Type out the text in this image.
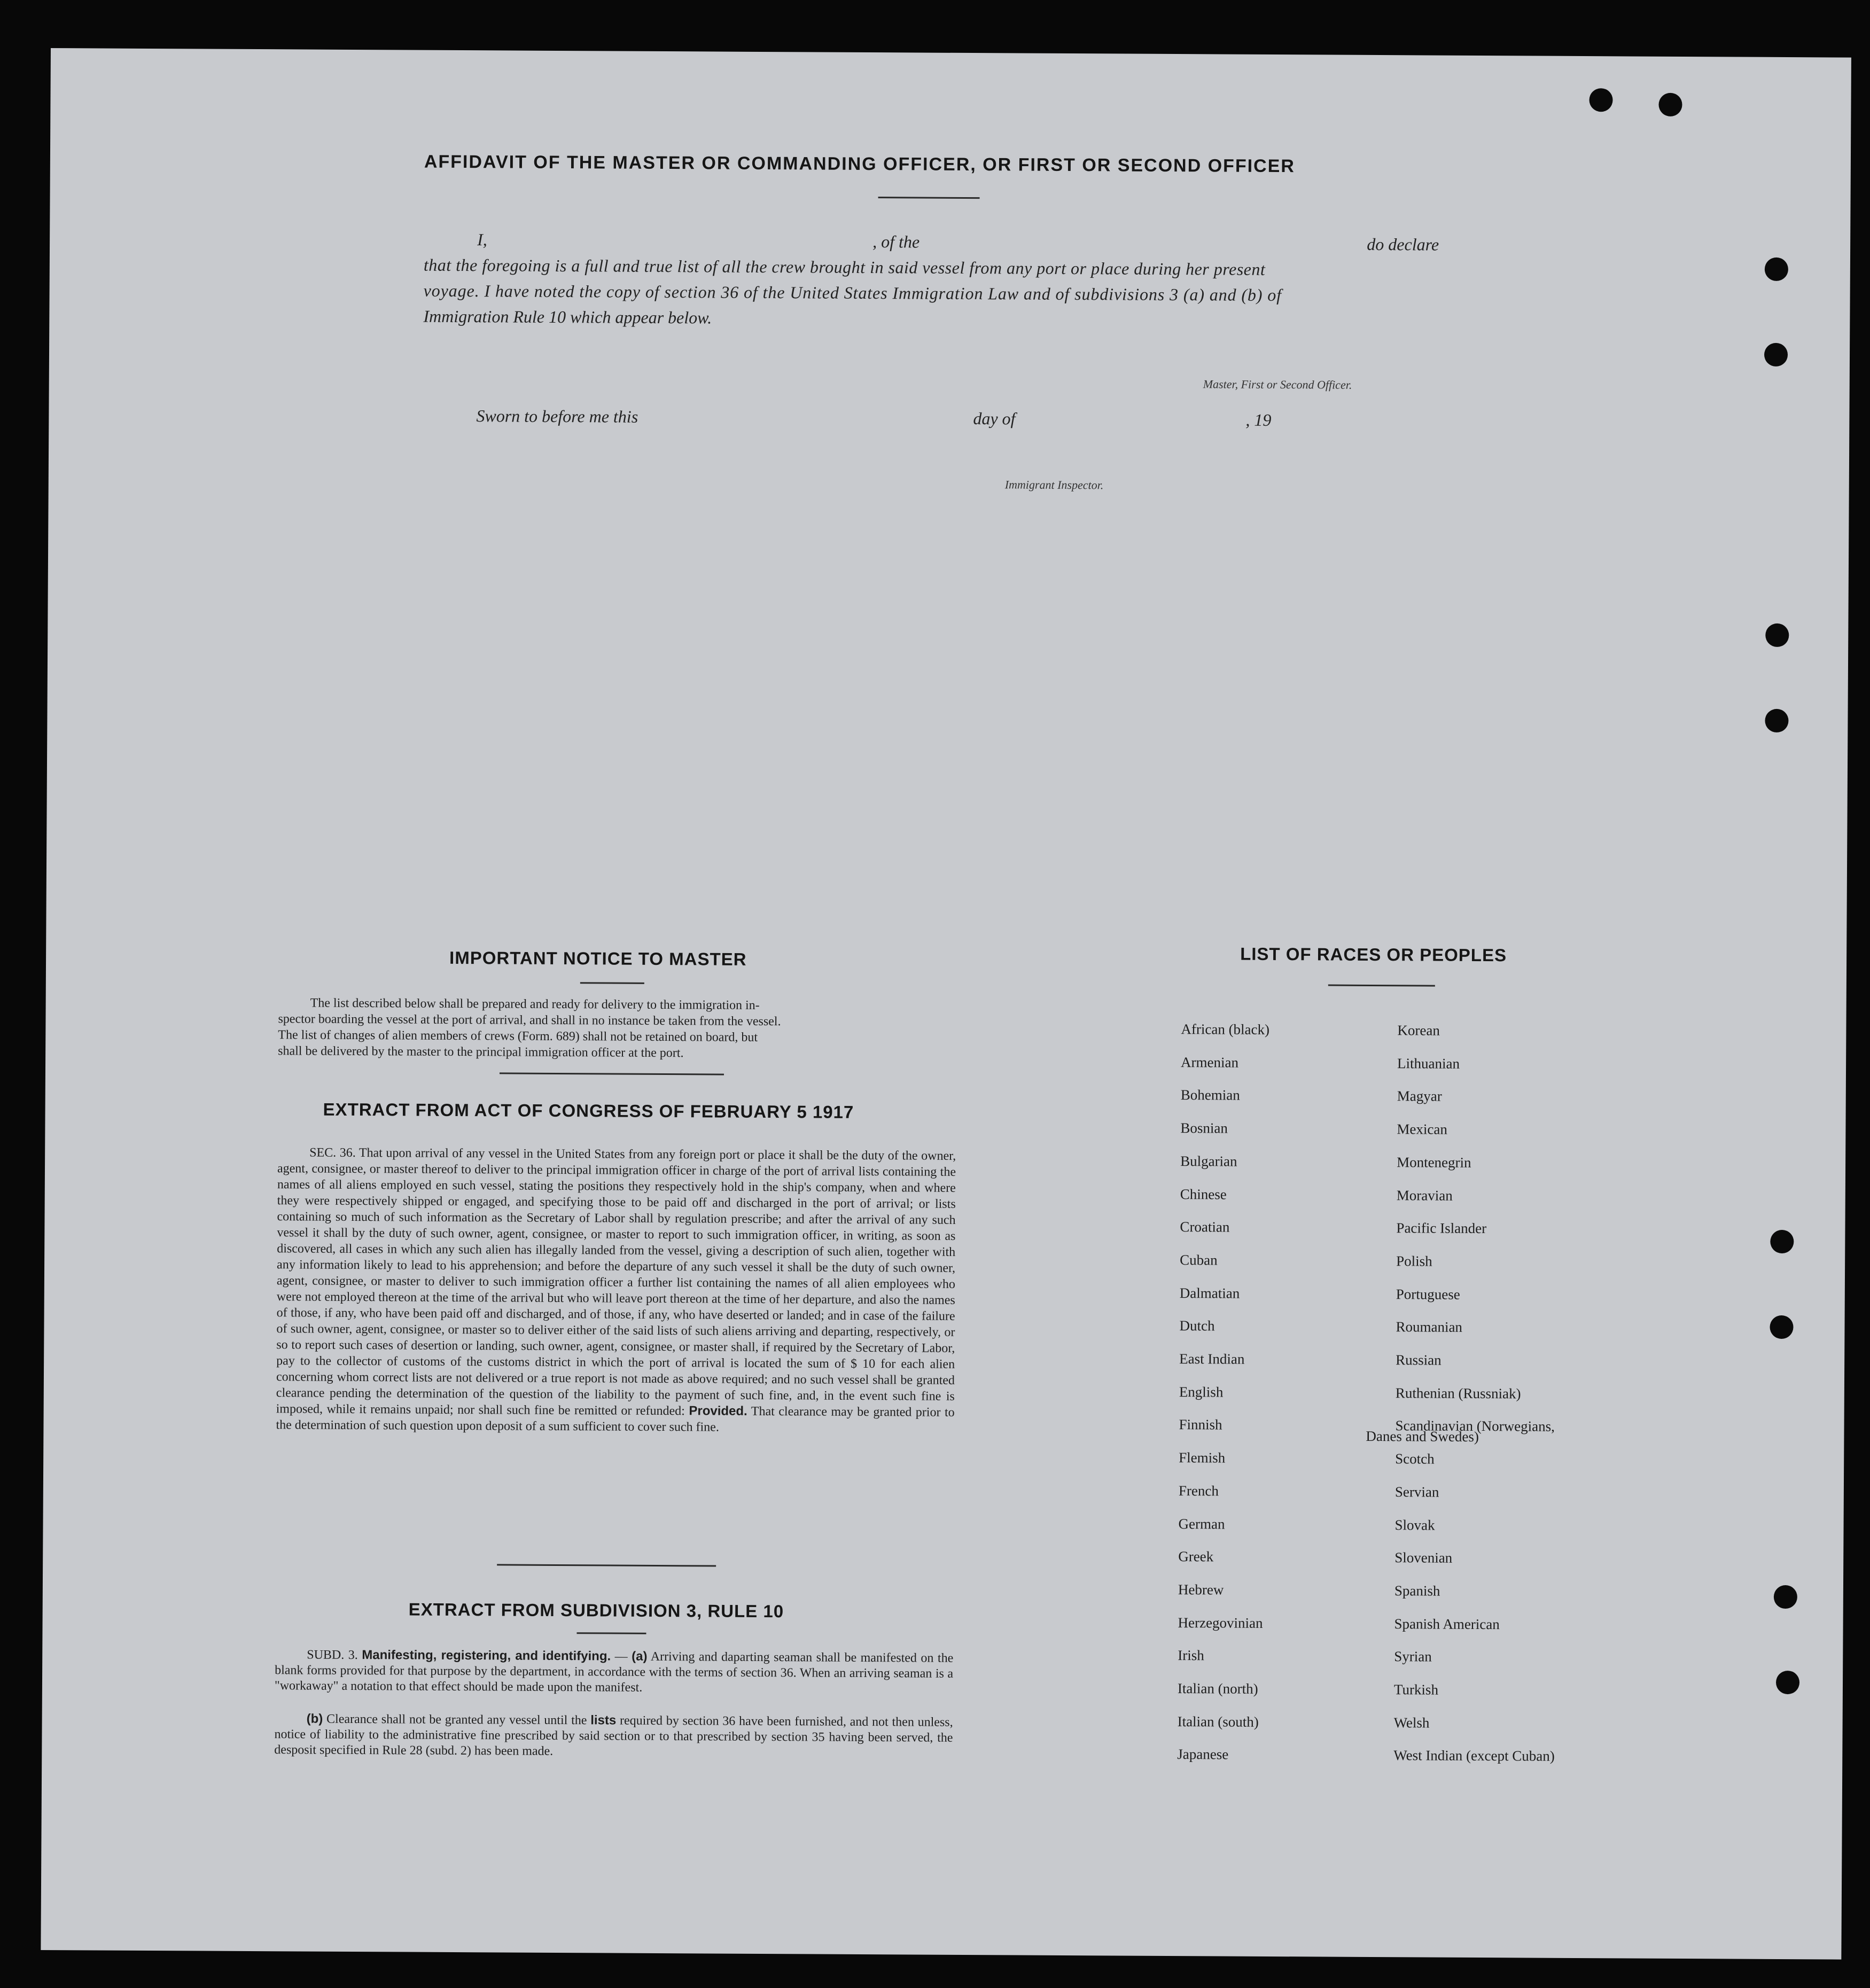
AFFIDAVIT OF THE MASTER OR COMMANDING OFFICER, OR FIRST OR SECOND OFFICER
I,	, of the	do declare
that the foregoing is a full and true list of all the crew brought in said vessel from any port or place during her present
voyage. I have noted the copy of section 36 of the United States Immigration Law and of subdivisions 3 (a) and (b) of
Immigration Rule 10 which appear below.
Master, First or Second Officer.
Sworn to before me this	day of	, 19
Immigrant Inspector.
IMPORTANT NOTICE TO MASTER
The list described below shall be prepared and ready for delivery to the immigration in-
spector boarding the vessel at the port of arrival, and shall in no instance be taken from the vessel.
The list of changes of alien members of crews (Form. 689) shall not be retained on board, but
shall be delivered by the master to the principal immigration officer at the port.
EXTRACT FROM ACT OF CONGRESS OF FEBRUARY 5 1917
SEC. 36. That upon arrival of any vessel in the United States from any foreign port or place it shall be the duty of the owner, agent, consignee, or master thereof to deliver to the principal immigration officer in charge of the port of arrival lists containing the names of all aliens employed en such vessel, stating the positions they respectively hold in the ship's company, when and where they were respectively shipped or engaged, and specifying those to be paid off and discharged in the port of arrival; or lists containing so much of such information as the Secretary of Labor shall by regulation prescribe; and after the arrival of any such vessel it shall by the duty of such owner, agent, consignee, or master to report to such immigration officer, in writing, as soon as discovered, all cases in which any such alien has illegally landed from the vessel, giving a description of such alien, together with any information likely to lead to his apprehension; and before the departure of any such vessel it shall be the duty of such owner, agent, consignee, or master to deliver to such immigration officer a further list containing the names of all alien employees who were not employed thereon at the time of the arrival but who will leave port thereon at the time of her departure, and also the names of those, if any, who have been paid off and discharged, and of those, if any, who have deserted or landed; and in case of the failure of such owner, agent, consignee, or master so to deliver either of the said lists of such aliens arriving and departing, respectively, or so to report such cases of desertion or landing, such owner, agent, consignee, or master shall, if required by the Secretary of Labor, pay to the collector of customs of the customs district in which the port of arrival is located the sum of $ 10 for each alien concerning whom correct lists are not delivered or a true report is not made as above required; and no such vessel shall be granted clearance pending the determination of the question of the liability to the payment of such fine, and, in the event such fine is imposed, while it remains unpaid; nor shall such fine be remitted or refunded: Provided. That clearance may be granted prior to the determination of such question upon deposit of a sum sufficient to cover such fine.
EXTRACT FROM SUBDIVISION 3, RULE 10
SUBD. 3. Manifesting, registering, and identifying. — (a) Arriving and daparting seaman shall be manifested on the blank forms provided for that purpose by the department, in accordance with the terms of section 36. When an arriving seaman is a "workaway" a notation to that effect should be made upon the manifest.
(b) Clearance shall not be granted any vessel until the lists required by section 36 have been furnished, and not then unless, notice of liability to the administrative fine prescribed by said section or to that prescribed by section 35 having been served, the desposit specified in Rule 28 (subd. 2) has been made.
LIST OF RACES OR PEOPLES
Danes and Swedes)
African (black)
Armenian
Bohemian
Bosnian
Bulgarian
Chinese
Croatian
Cuban
Dalmatian
Dutch
East Indian
English
Finnish
Flemish
French
German
Greek
Hebrew
Herzegovinian
Irish
Italian (north)
Italian (south)
Japanese
Korean
Lithuanian
Magyar
Mexican
Montenegrin
Moravian
Pacific Islander
Polish
Portuguese
Roumanian
Russian
Ruthenian (Russniak)
Scandinavian (Norwegians,
Scotch
Servian
Slovak
Slovenian
Spanish
Spanish American
Syrian
Turkish
Welsh
West Indian (except Cuban)
